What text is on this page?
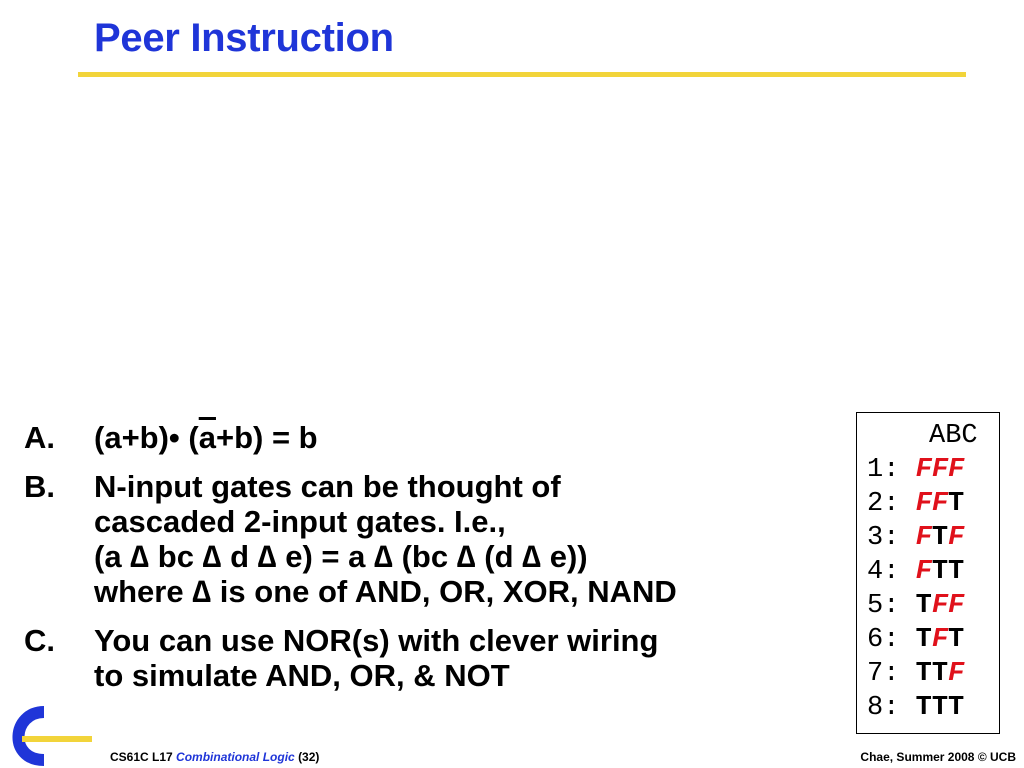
Peer Instruction
A.	(a+b)• $(\overline{a}+b) = b$
B.	N-input gates can be thought of
cascaded 2-input gates. I.e.,
(a ∆ bc ∆ d ∆ e) = a ∆ (bc ∆ (d ∆ e))
where ∆ is one of AND, OR, XOR, NAND
C.	You can use NOR(s) with clever wiring
to simulate AND, OR, & NOT
ABC
1: F F F
2: F F T
3: F T F
4: F T T
5: T F F
6: T F T
7: T T F
8: T T T
CS61C L17 Combinational Logic (32)	Chae, Summer 2008 © UCB
